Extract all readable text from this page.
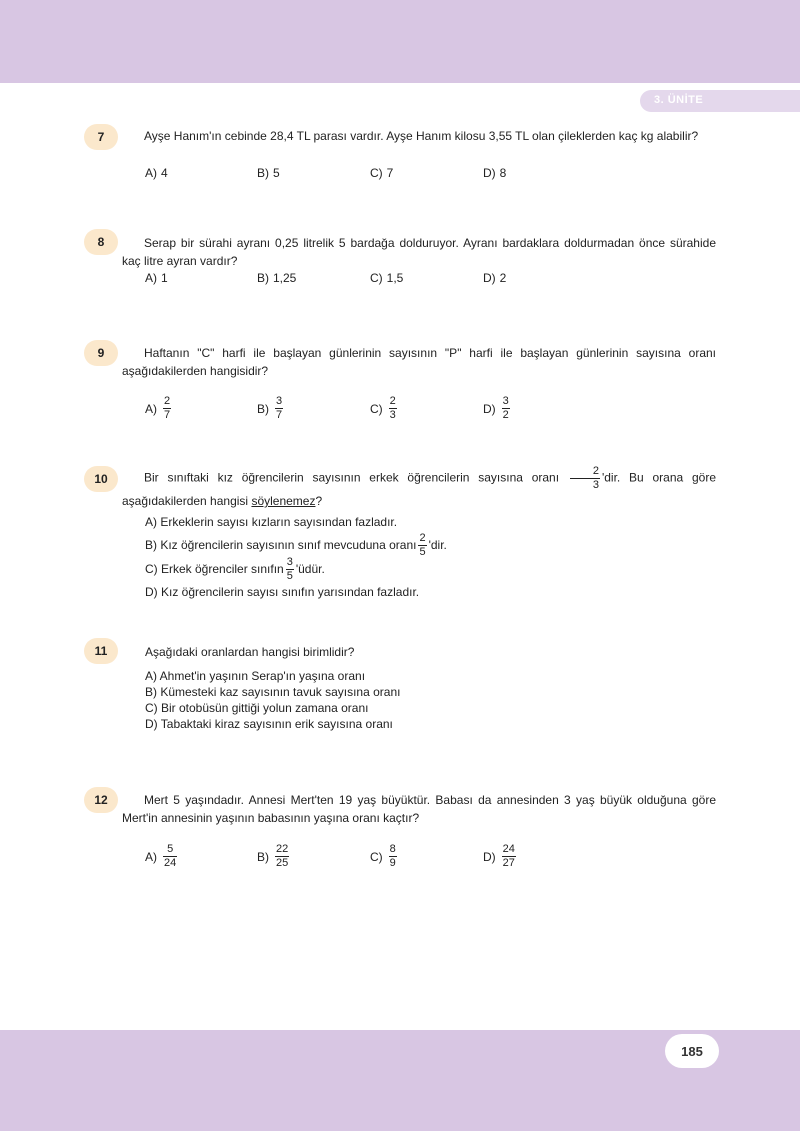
3. ÜNİTE
7	Ayşe Hanım'ın cebinde 28,4 TL parası vardır. Ayşe Hanım kilosu 3,55 TL olan çileklerden kaç kg alabilir?
A) 4	B) 5	C) 7	D) 8
8	Serap bir sürahi ayranı 0,25 litrelik 5 bardağa dolduruyor. Ayranı bardaklara doldurmadan önce sürahide kaç litre ayran vardır?
A) 1	B) 1,25	C) 1,5	D) 2
9	Haftanın "C" harfi ile başlayan günlerinin sayısının "P" harfi ile başlayan günlerinin sayısına oranı aşağıdakilerden hangisidir?
$A) \frac{2}{7}$	$B) \frac{3}{7}$	$C) \frac{2}{3}$	$D) \frac{3}{2}$
10	Bir sınıftaki kız öğrencilerin sayısının erkek öğrencilerin sayısına oranı $\frac{2}{3}$ 'dir. Bu orana göre aşağıdakilerden hangisi söylenemez?
A) Erkeklerin sayısı kızların sayısından fazladır.
B) Kız öğrencilerin sayısının sınıf mevcuduna oranı $\frac{2}{5}$ 'dir.
C) Erkek öğrenciler sınıfın $\frac{3}{5}$ 'üdür.
D) Kız öğrencilerin sayısı sınıfın yarısından fazladır.
11	Aşağıdaki oranlardan hangisi birimlidir?
A) Ahmet'in yaşının Serap'ın yaşına oranı
B) Kümesteki kaz sayısının tavuk sayısına oranı
C) Bir otobüsün gittiği yolun zamana oranı
D) Tabaktaki kiraz sayısının erik sayısına oranı
12	Mert 5 yaşındadır. Annesi Mert'ten 19 yaş büyüktür. Babası da annesinden 3 yaş büyük olduğuna göre Mert'in annesinin yaşının babasının yaşına oranı kaçtır?
$A) \frac{5}{24}$	$B) \frac{22}{25}$	$C) \frac{8}{9}$	$D) \frac{24}{27}$
185
